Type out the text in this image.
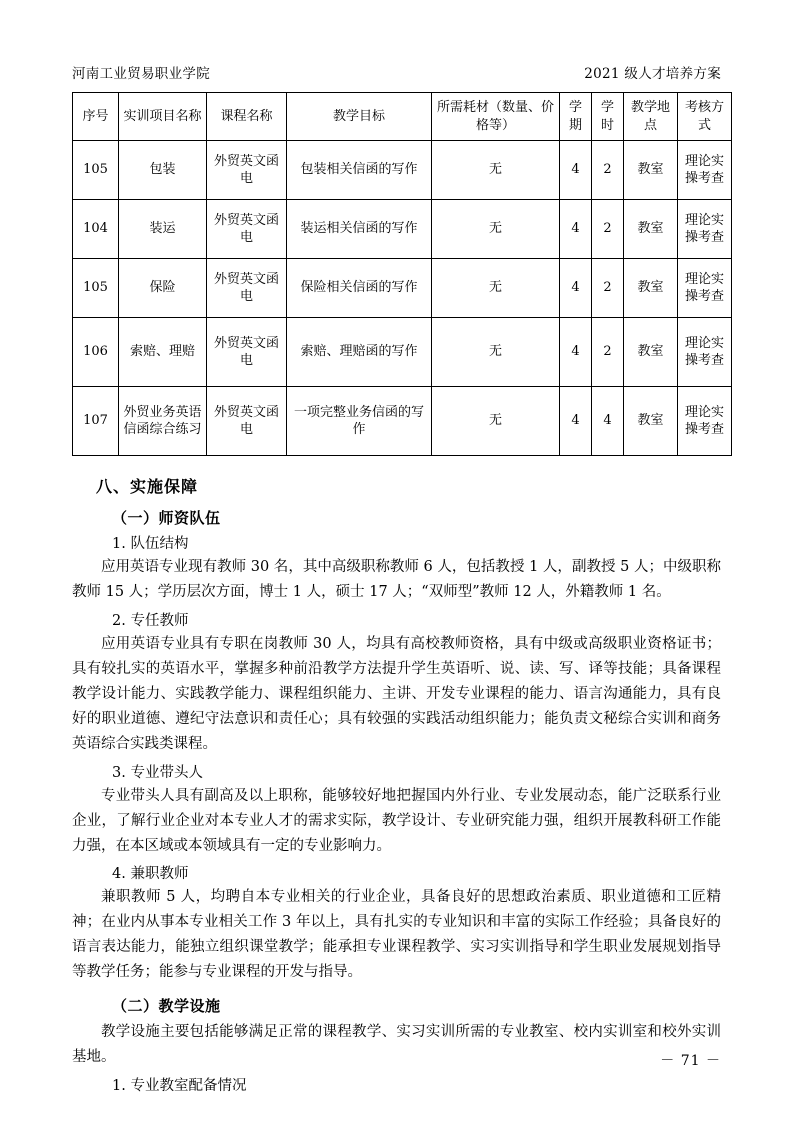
河南工业贸易职业学院	2021 级人才培养方案
序号	实训项目名称	课程名称	教学目标	所需耗材（数量、价格等）	学期	学时	教学地点	考核方式
105	包装	外贸英文函电	包装相关信函的写作	无	4	2	教室	理论实操考查
104	装运	外贸英文函电	装运相关信函的写作	无	4	2	教室	理论实操考查
105	保险	外贸英文函电	保险相关信函的写作	无	4	2	教室	理论实操考查
106	索赔、理赔	外贸英文函电	索赔、理赔函的写作	无	4	2	教室	理论实操考查
107	外贸业务英语信函综合练习	外贸英文函电	一项完整业务信函的写作	无	4	4	教室	理论实操考查
八、实施保障
（一）师资队伍
1. 队伍结构

应用英语专业现有教师 30 名，其中高级职称教师 6 人，包括教授 1 人，副教授 5 人；中级职称教师 15 人；学历层次方面，博士 1 人，硕士 17 人；“双师型”教师 12 人，外籍教师 1 名。

2. 专任教师

应用英语专业具有专职在岗教师 30 人，均具有高校教师资格，具有中级或高级职业资格证书；具有较扎实的英语水平，掌握多种前沿教学方法提升学生英语听、说、读、写、译等技能；具备课程教学设计能力、实践教学能力、课程组织能力、主讲、开发专业课程的能力、语言沟通能力，具有良好的职业道德、遵纪守法意识和责任心；具有较强的实践活动组织能力；能负责文秘综合实训和商务英语综合实践类课程。

3. 专业带头人

专业带头人具有副高及以上职称，能够较好地把握国内外行业、专业发展动态，能广泛联系行业企业，了解行业企业对本专业人才的需求实际，教学设计、专业研究能力强，组织开展教科研工作能力强，在本区域或本领域具有一定的专业影响力。

4. 兼职教师

兼职教师 5 人，均聘自本专业相关的行业企业，具备良好的思想政治素质、职业道德和工匠精神；在业内从事本专业相关工作 3 年以上，具有扎实的专业知识和丰富的实际工作经验；具备良好的语言表达能力，能独立组织课堂教学；能承担专业课程教学、实习实训指导和学生职业发展规划指导等教学任务；能参与专业课程的开发与指导。

（二）教学设施

教学设施主要包括能够满足正常的课程教学、实习实训所需的专业教室、校内实训室和校外实训基地。

1. 专业教室配备情况
－ 71 －
